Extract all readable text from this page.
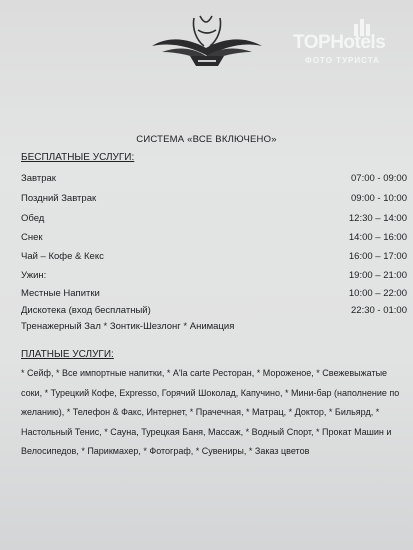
TOPHotels
ФОТО ТУРИСТА
СИСТЕМА «ВСЕ ВКЛЮЧЕНО»
БЕСПЛАТНЫЕ УСЛУГИ:
Завтрак	07:00 - 09:00
Поздний Завтрак	09:00 - 10:00
Обед	12:30 – 14:00
Снек	14:00 – 16:00
Чай – Кофе & Кекс	16:00 – 17:00
Ужин:	19:00 – 21:00
Местные Напитки	10:00 – 22:00
Дискотека (вход бесплатный)	22:30 - 01:00
Тренажерный Зал * Зонтик-Шезлонг * Анимация
ПЛАТНЫЕ УСЛУГИ:
* Сейф, * Все импортные напитки, * A'la carte Ресторан, * Мороженое, * Свежевыжатые
соки, * Турецкий Кофе, Expresso, Горячий Шоколад, Капучино, * Мини-бар (наполнение по
желанию), * Телефон & Факс, Интернет, * Прачечная, * Матрац, * Доктор, * Бильярд, *
Настольный Тенис, * Сауна, Турецкая Баня, Массаж, * Водный Спорт, * Прокат Машин и
Велосипедов, * Парикмахер, * Фотограф, * Сувениры, * Заказ цветов
